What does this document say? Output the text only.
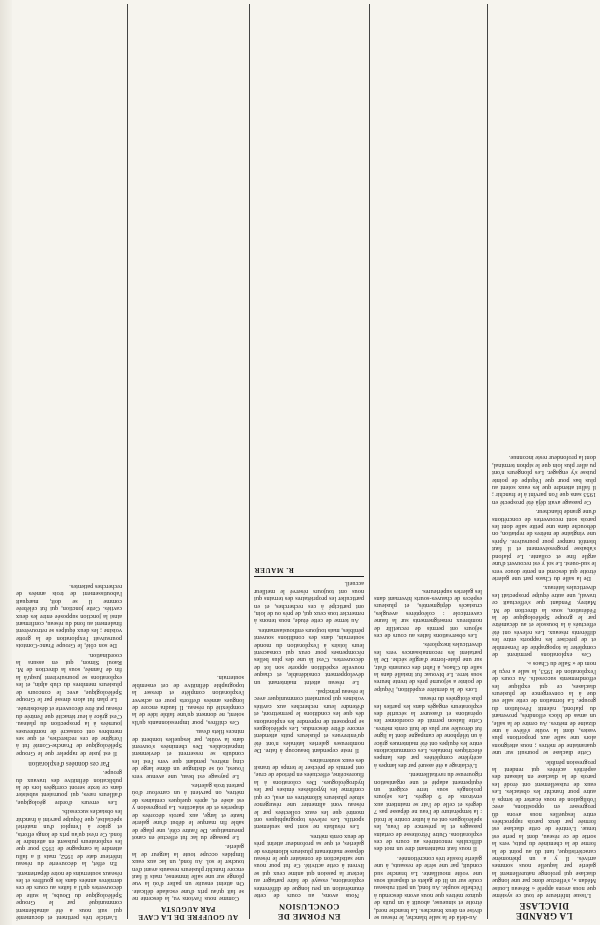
LA GRANDE DIACLASE

L'issue inférieure de tout ce système que nous avons appelé « Réseau Louise Médan », s'effectue donc par une longue diaclase qui prolonge naturellement la galerie par laquelle nous sommes arrivés. Il y a un phénomène caractéristique, tant dû au point de la forme de la cheminée du puits, vers la sortie de ce réseau, dont la perte est tenue. L'entrée de cette diaclase est formée par deux parois rapprochées entre lesquelles nous avons dû progresser en oppositions, avec l'obligation de nous écarter de temps à autre pour franchir les obstacles. Les eaux de ruissellement ont érodé les parois de la diaclase en laissant des aspérités acérées qui rendent la progression pénible.

Cette diaclase se poursuit sur une quarantaine de mètres ; nous atteignons alors une salle aux proportions plus vastes, dont la voûte s'élève à une dizaine de mètres. Au centre de la salle, un amas de blocs effondrés, provenant du plafond, ralentit l'évolution du groupe. La formation de cette salle est due à la convergence de plusieurs diaclases, ce qui explique les effondrements successifs. Au cours de l'exploration de 1953, la salle a reçu le nom de « Salle du Chaos ».

Ces explorations permirent de compléter la topographie de l'ensemble et de préciser les rapports entre les différents réseaux. Les relevés ont été effectués à la boussole et au décamètre par le groupe Spéléologique de la Fédération, sous la direction de M. Matrey. Pendant que s'effectuait ce travail, une autre équipe prospectait les diverticules latéraux.

De la salle du Chaos part une galerie étroite qui descend en pente douce vers le sud-ouest. Le sol y est recouvert d'une argile fine et collante. Le plafond s'abaisse progressivement et il faut bientôt ramper pour poursuivre. Après une vingtaine de mètres de reptation, on débouche dans une petite salle dont les parois sont recouvertes de concrétions d'une grande blancheur.

Ce passage avait déjà été prospecté en 1953 sans que l'on parvînt à le franchir ; il fallut attendre que les eaux soient au plus bas pour que l'équipe de pointe puisse s'y engager. Les plongeurs n'ont pu aller plus loin que le siphon terminal, dont la profondeur reste inconnue.

Au-delà de la salle blanche, le réseau se divise en deux branches. La branche nord, étroite et sinueuse, aboutit à un puits de quinze mètres que nous avons descendu à l'échelle souple. Au fond, un petit ruisseau coule sur un lit de galets et disparaît sous une voûte mouillante. La branche sud conduit, par une série de ressauts, à une galerie fossile très concrétionnée.

Il nous faut maintenant dire un mot des difficultés rencontrées au cours de ces explorations. Outre l'étroitesse de certains passages et la présence de l'eau, les spéléologues ont eu à lutter contre le froid : la température de l'eau ne dépasse pas 7 degrés et celle de l'air se maintient aux environs de 9 degrés. Les séjours prolongés sous terre exigent un équipement adapté et une organisation rigoureuse du ravitaillement.

L'éclairage a été assuré par des lampes à acétylène complétées par des lampes électriques frontales. Les communications entre les équipes ont été maintenues grâce à un téléphone de campagne dont la ligne fut déroulée sur plus de huit cents mètres. Cette liaison permit de coordonner les opérations et d'assurer la sécurité des explorateurs engagés dans les parties les plus éloignées du réseau.

Lors de la dernière expédition, l'équipe de pointe a séjourné près de trente heures sous terre. Le bivouac fut installé dans la salle du Chaos, à l'abri des courants d'air, sur une plate-forme d'argile sèche. De là partaient les reconnaissances vers les diverticules inexplorés.

Les observations faites au cours de ces séjours ont permis de recueillir de nombreux renseignements sur la faune cavernicole : coléoptères aveugles, crustacés dépigmentés, et plusieurs espèces de chauves-souris hivernant dans les galeries supérieures.

EN FORME DE CONCLUSION

Nous avons, au cours de cette énumération un peu longue de différentes explorations, essayé de faire partager au lecteur la passion qui anime ceux qui se livrent à cette activité. Ce fut pour nous une satisfaction de constater que le réseau dépasse maintenant plusieurs kilomètres de galeries, et que sa profondeur atteint près de deux cents mètres.

Les résultats ne sont pas seulement sportifs. Les relevés topographiques ont montré que les eaux collectées par le réseau vont alimenter une résurgence située plusieurs kilomètres en aval, ce qui confirme les hypothèses émises par les hydrogéologues. Des colorations à la fluorescéine, effectuées en période de crue, ont permis de préciser le temps de transit des eaux souterraines.

Il reste cependant beaucoup à faire. De nombreuses galeries latérales n'ont été qu'entrevues et plusieurs puits attendent encore d'être descendus. Les spéléologues se proposent de reprendre les explorations dès que les conditions le permettront, et d'étendre leurs recherches aux cavités voisines qui pourraient communiquer avec le réseau principal.

Le réseau atteint maintenant un développement considérable, et chaque nouvelle expédition apporte son lot de découvertes. C'est là une des plus belles récompenses pour ceux qui consacrent leurs loisirs à l'exploration du monde souterrain, dans des conditions souvent pénibles, mais toujours enthousiasmantes.

Au terme de cette étude, nous tenons à remercier tous ceux qui, de près ou de loin, ont participé à ces recherches, et en particulier les propriétaires des terrains qui nous ont toujours réservé le meilleur accueil.

R. MAUER

AU GOUFFRE DE LA CAVE PAR AUGUSTA

Comme nous l'avions vu, la descente ne se fait qu'au prix d'une escalade délicate. On atteint ensuite un palier d'où la vue plonge sur une salle immense, mais il faut encore franchir plusieurs ressauts avant d'en toucher le sol. Au fond, un lac aux eaux limpides occupe toute la largeur de la galerie.

Le passage du lac fut effectué en canot pneumatique. De l'autre côté, une plage de sable fin marque le début d'une galerie haute et large, aux parois décorées de draperies et de stalactites. La progression y est aisée et, après quelques centaines de mètres, on parvient à un carrefour d'où partent trois galeries.

Le paysage est beau, une avenue vers l'ouest, où se distingue un dôme large de cinq mètres, pendant que vers l'est les conduits se resserrent et deviennent impraticables. Des cheminées s'ouvrent dans la voûte, par lesquelles tombent de minces filets d'eau.

Ces chiffres, pour impressionnants qu'ils soient, ne donnent qu'une faible idée de la complexité du réseau. Il faudra encore de longues années d'efforts pour en achever l'exploration complète et dresser la topographie définitive de cet ensemble souterrain.

L'article très pertinent et documenté qui suit nous a été aimablement communiqué par le Groupe Spéléologique du Doubs, la suite de découvertes qu'il a faites au cours de ces dernières années dans les gouffres et les réseaux souterrains de notre département.

En effet, la découverte du réseau inférieur date de 1952, mais il a fallu attendre la campagne de 1953 pour que les explorateurs puissent en atteindre le fond. Ce n'est qu'au prix de longs efforts, et grâce à l'emploi d'un matériel spécialisé, que l'équipe parvint à franchir les obstacles successifs.

Les erreurs d'ordre géologique, d'ailleurs rares, qui pourraient subsister dans ce texte seront corrigées lors de la publication définitive des travaux du groupe.

Par ces données d'exploration

Il est juste de rappeler que le Groupe Spéléologique de Franche-Comté fut à l'origine de ces recherches, et que ses membres ont consacré de nombreuses journées à la prospection du plateau. C'est grâce à leur ténacité que l'entrée du réseau put être découverte et désobstruée.

Le plan fut alors dressé par le Groupe Spéléologique, avec le concours de plusieurs membres du club alpin, et les explorations se poursuivirent jusqu'à la fin de l'année, sous la direction de M. Raoul Simon, qui en assura la coordination.

De son côté, le Groupe Franc-Comtois poursuivait l'exploration de la grotte voisine ; les deux équipes se retrouvèrent finalement au fond du réseau, confirmant ainsi la jonction supposée entre les deux cavités. Cette jonction, qui fut célébrée comme il se doit, marquait l'aboutissement de trois années de recherches patientes.
